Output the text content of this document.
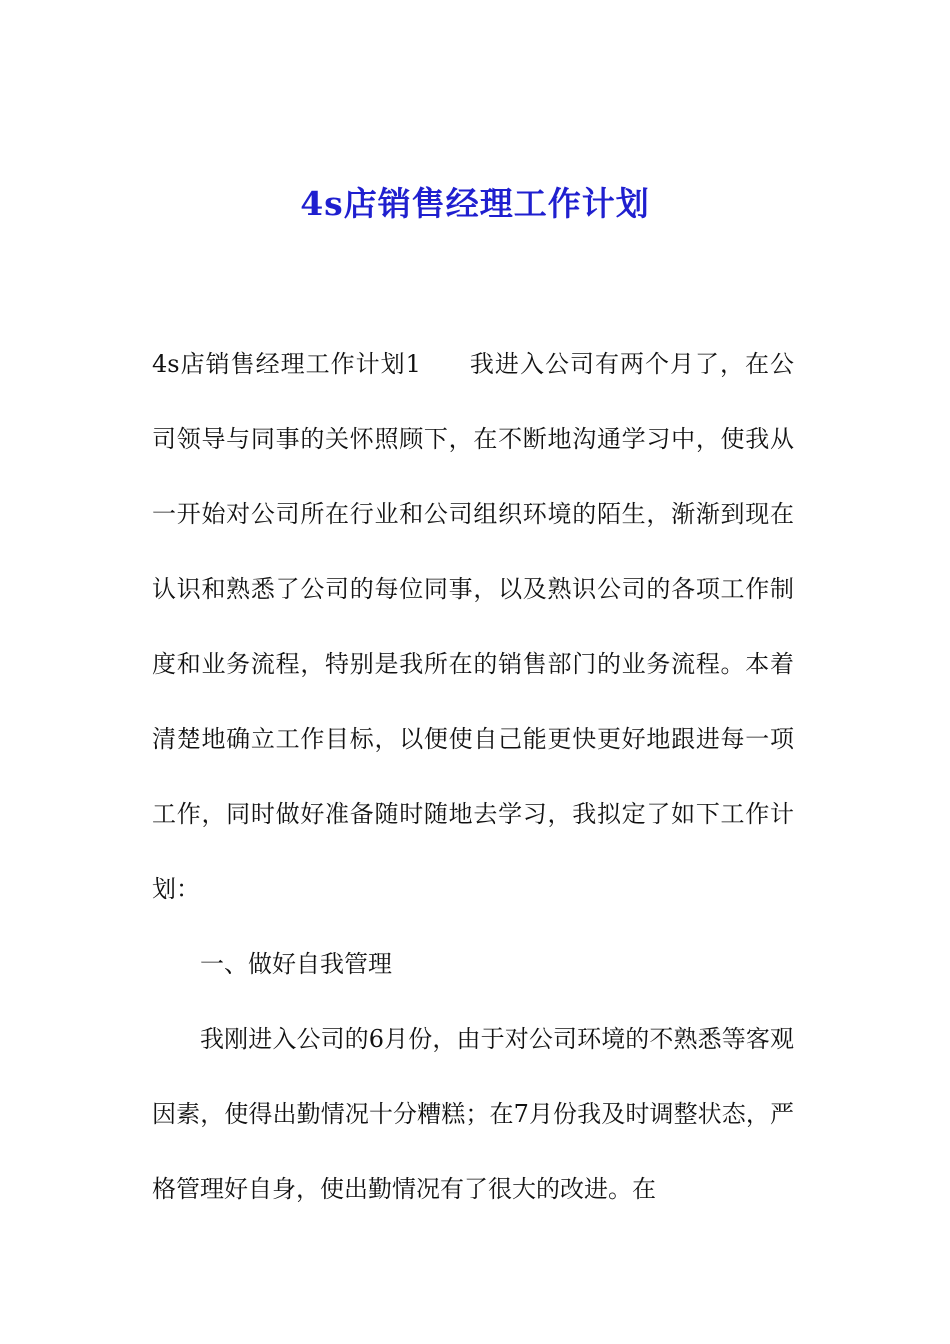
4s店销售经理工作计划

4s店销售经理工作计划1 我进入公司有两个月了，在公司领导与同事的关怀照顾下，在不断地沟通学习中，使我从一开始对公司所在行业和公司组织环境的陌生，渐渐到现在认识和熟悉了公司的每位同事，以及熟识公司的各项工作制度和业务流程，特别是我所在的销售部门的业务流程。本着清楚地确立工作目标，以便使自己能更快更好地跟进每一项工作，同时做好准备随时随地去学习，我拟定了如下工作计划：

一、做好自我管理

我刚进入公司的6月份，由于对公司环境的不熟悉等客观因素，使得出勤情况十分糟糕；在7月份我及时调整状态，严格管理好自身，使出勤情况有了很大的改进。在
